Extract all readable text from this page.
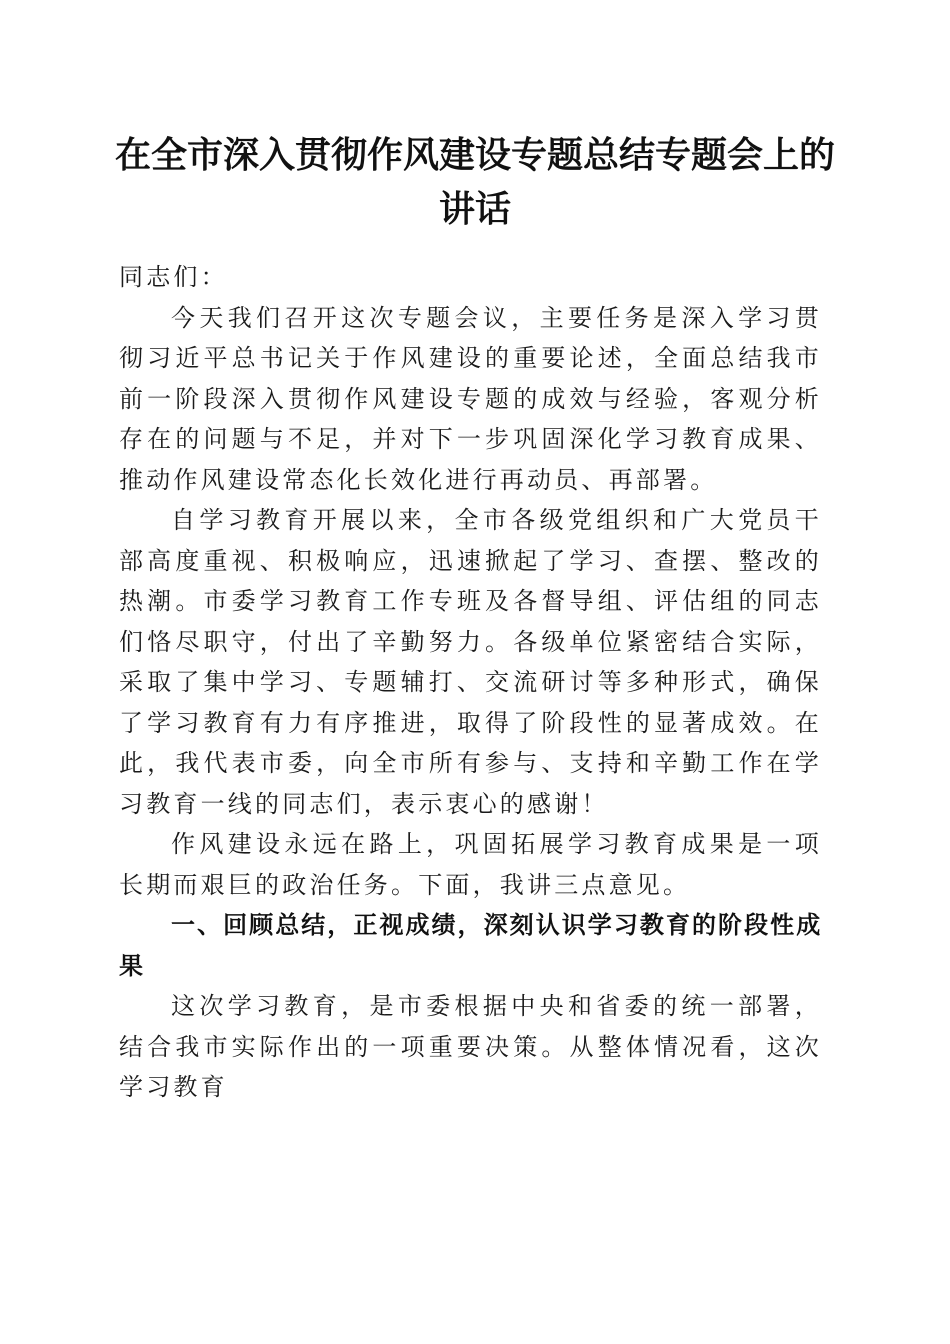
在全市深入贯彻作风建设专题总结专题会上的讲话

同志们：

今天我们召开这次专题会议，主要任务是深入学习贯彻习近平总书记关于作风建设的重要论述，全面总结我市前一阶段深入贯彻作风建设专题的成效与经验，客观分析存在的问题与不足，并对下一步巩固深化学习教育成果、推动作风建设常态化长效化进行再动员、再部署。

自学习教育开展以来，全市各级党组织和广大党员干部高度重视、积极响应，迅速掀起了学习、查摆、整改的热潮。市委学习教育工作专班及各督导组、评估组的同志们恪尽职守，付出了辛勤努力。各级单位紧密结合实际，采取了集中学习、专题辅打、交流研讨等多种形式，确保了学习教育有力有序推进，取得了阶段性的显著成效。在此，我代表市委，向全市所有参与、支持和辛勤工作在学习教育一线的同志们，表示衷心的感谢！

作风建设永远在路上，巩固拓展学习教育成果是一项长期而艰巨的政治任务。下面，我讲三点意见。

一、回顾总结，正视成绩，深刻认识学习教育的阶段性成果

这次学习教育，是市委根据中央和省委的统一部署，结合我市实际作出的一项重要决策。从整体情况看，这次学习教育
